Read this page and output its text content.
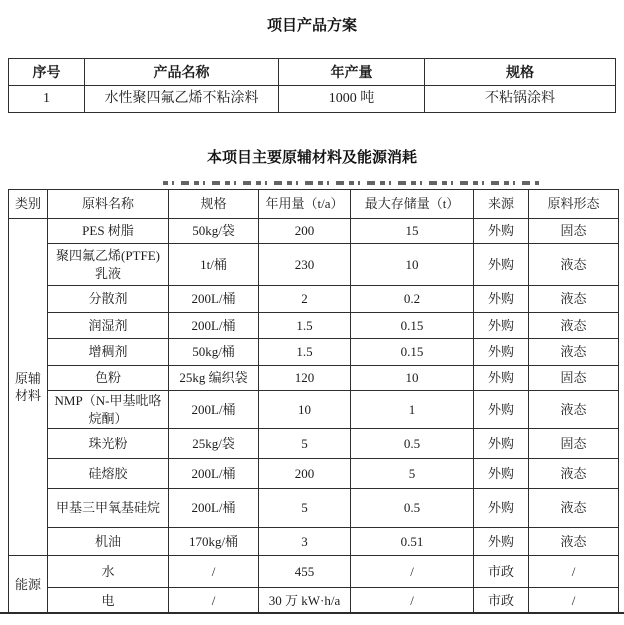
项目产品方案
序号	产品名称	年产量	规格
1	水性聚四氟乙烯不粘涂料	1000 吨	不粘锅涂料
本项目主要原辅材料及能源消耗
类别	原料名称	规格	年用量（t/a）	最大存储量（t）	来源	原料形态
原辅材料	PES 树脂	50kg/袋	200	15	外购	固态
	聚四氟乙烯(PTFE)乳液	1t/桶	230	10	外购	液态
	分散剂	200L/桶	2	0.2	外购	液态
	润湿剂	200L/桶	1.5	0.15	外购	液态
	增稠剂	50kg/桶	1.5	0.15	外购	液态
	色粉	25kg 编织袋	120	10	外购	固态
	NMP（N-甲基吡咯烷酮）	200L/桶	10	1	外购	液态
	珠光粉	25kg/袋	5	0.5	外购	固态
	硅熔胶	200L/桶	200	5	外购	液态
	甲基三甲氧基硅烷	200L/桶	5	0.5	外购	液态
	机油	170kg/桶	3	0.51	外购	液态
能源	水	/	455	/	市政	/
	电	/	30 万 kW·h/a	/	市政	/
